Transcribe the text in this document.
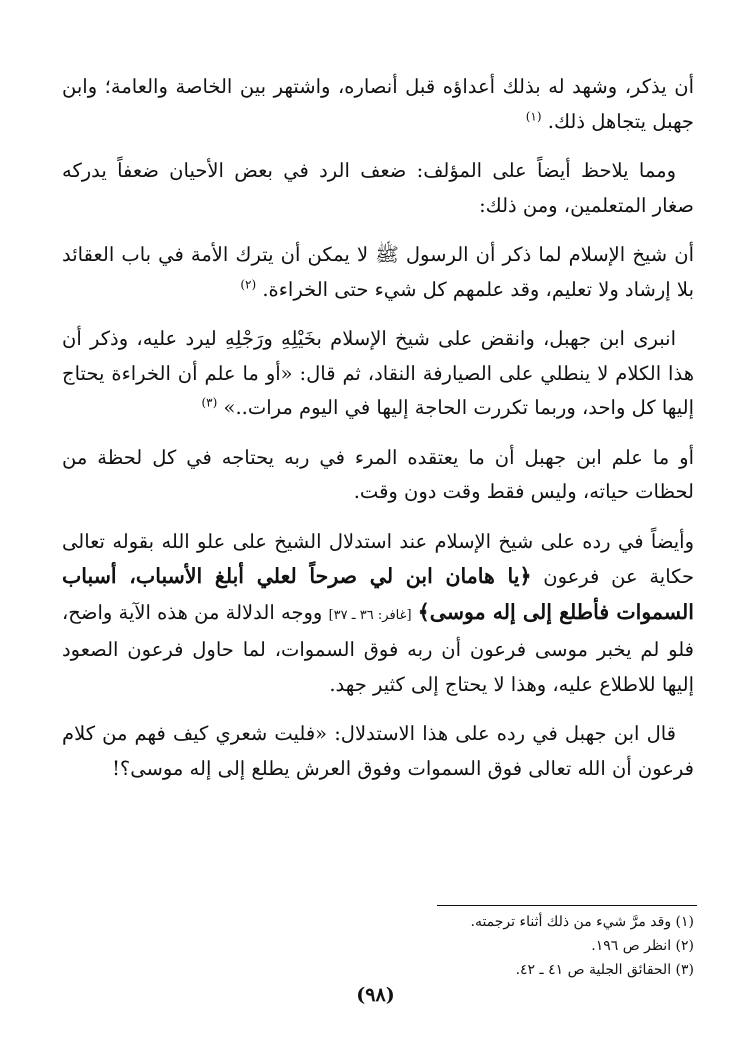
أن يذكر، وشهد له بذلك أعداؤه قبل أنصاره، واشتهر بين الخاصة والعامة؛ وابن جهبل يتجاهل ذلك. $^{(١)}$

ومما يلاحظ أيضاً على المؤلف: ضعف الرد في بعض الأحيان ضعفاً يدركه صغار المتعلمين، ومن ذلك:

أن شيخ الإسلام لما ذكر أن الرسول ﷺ لا يمكن أن يترك الأمة في باب العقائد بلا إرشاد ولا تعليم، وقد علمهم كل شيء حتى الخراءة. $^{(٢)}$

انبرى ابن جهبل، وانقض على شيخ الإسلام بخَيْلِهِ ورَجْلِهِ ليرد عليه، وذكر أن هذا الكلام لا ينطلي على الصيارفة النقاد، ثم قال: «أو ما علم أن الخراءة يحتاج إليها كل واحد، وربما تكررت الحاجة إليها في اليوم مرات..» $^{(٣)}$

أو ما علم ابن جهبل أن ما يعتقده المرء في ربه يحتاجه في كل لحظة من لحظات حياته، وليس فقط وقت دون وقت.

وأيضاً في رده على شيخ الإسلام عند استدلال الشيخ على علو الله بقوله تعالى حكاية عن فرعون ﴿يا هامان ابن لي صرحاً لعلي أبلغ الأسباب، أسباب السموات فأطلع إلى إله موسى﴾ [غافر: ٣٦ ـ ٣٧] ووجه الدلالة من هذه الآية واضح، فلو لم يخبر موسى فرعون أن ربه فوق السموات، لما حاول فرعون الصعود إليها للاطلاع عليه، وهذا لا يحتاج إلى كثير جهد.

قال ابن جهبل في رده على هذا الاستدلال: «فليت شعري كيف فهم من كلام فرعون أن الله تعالى فوق السموات وفوق العرش يطلع إلى إله موسى؟!

(١) وقد مرَّ شيء من ذلك أثناء ترجمته.

(٢) انظر ص ١٩٦.

(٣) الحقائق الجلية ص ٤١ ـ ٤٢.

(٩٨)
